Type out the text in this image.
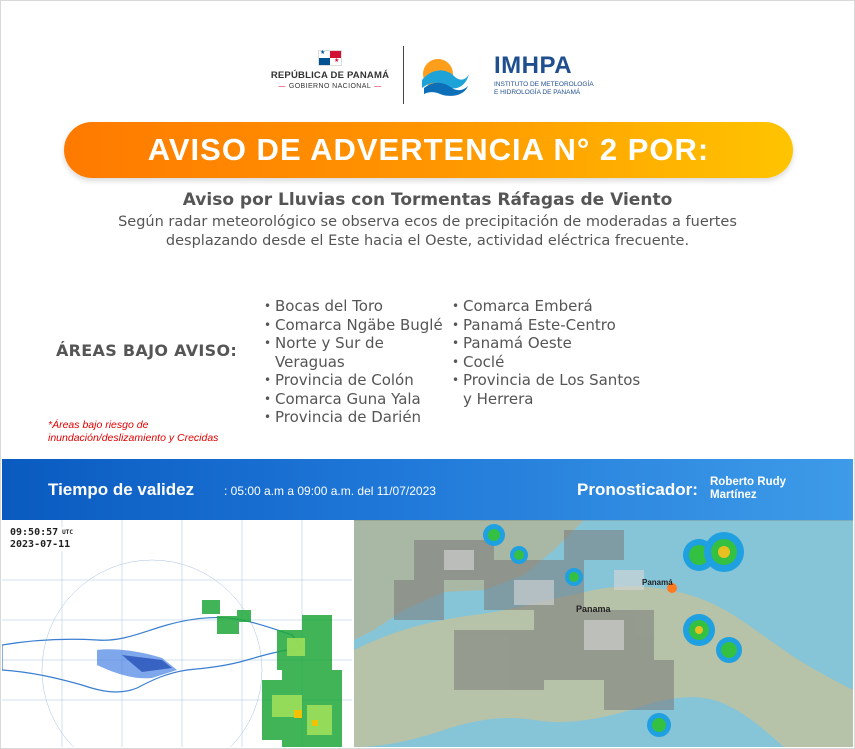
★
★
REPÚBLICA DE PANAMÁ
— GOBIERNO NACIONAL —
IMHPA
INSTITUTO DE METEOROLOGÍA
E HIDROLOGÍA DE PANAMÁ
AVISO DE ADVERTENCIA N° 2 POR:
Aviso por Lluvias con Tormentas Ráfagas de Viento
Según radar meteorológico se observa ecos de precipitación de moderadas a fuertes desplazando desde el Este hacia el Oeste, actividad eléctrica frecuente.
ÁREAS BAJO AVISO:
• Bocas del Toro
• Comarca Ngäbe Buglé
• Norte y Sur de Veraguas
• Provincia de Colón
• Comarca Guna Yala
• Provincia de Darién
• Comarca Emberá
• Panamá Este-Centro
• Panamá Oeste
• Coclé
• Provincia de Los Santos y Herrera
*Áreas bajo riesgo de
inundación/deslizamiento y Crecidas
Tiempo de validez : 05:00 a.m a 09:00 a.m. del 11/07/2023	Pronosticador: Roberto Rudy
Martínez
09:50:57 $^{UTC}$
2023-07-11
Panama
Panamá
